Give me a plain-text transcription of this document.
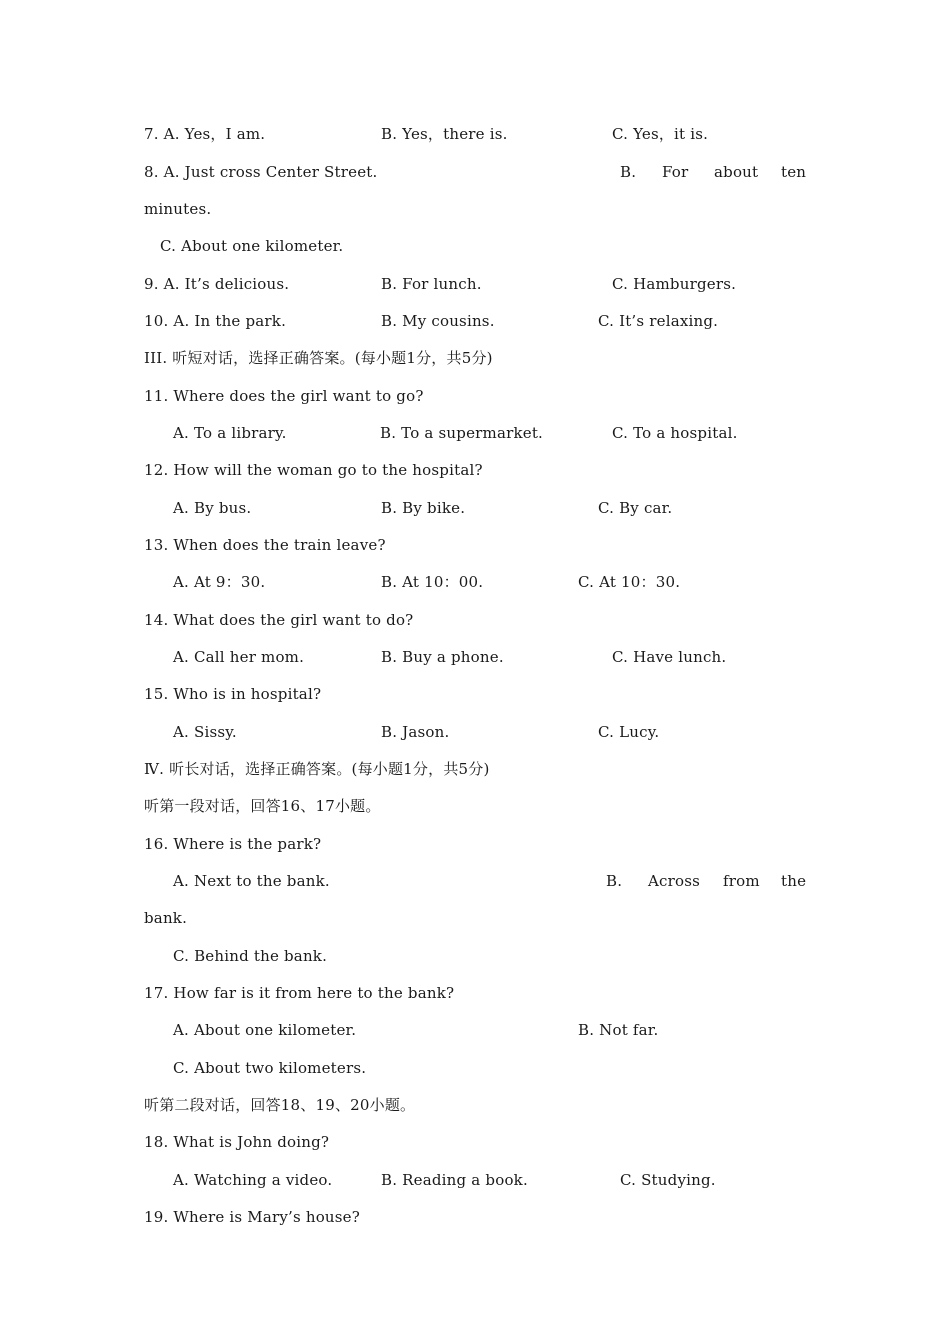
7. A. Yes，I am.	B. Yes，there is.	C. Yes，it is.
8. A. Just cross Center Street.	B. For about ten
minutes.
C. About one kilometer.
9. A. It’s delicious.	B. For lunch.	C. Hamburgers.
10. A. In the park.	B. My cousins.	C. It’s relaxing.
III. 听短对话，选择正确答案。(每小题1分，共5分)
11. Where does the girl want to go?
A. To a library.	B. To a supermarket.	C. To a hospital.
12. How will the woman go to the hospital?
A. By bus.	B. By bike.	C. By car.
13. When does the train leave?
A. At 9：30.	B. At 10：00.	C. At 10：30.
14. What does the girl want to do?
A. Call her mom.	B. Buy a phone.	C. Have lunch.
15. Who is in hospital?
A. Sissy.	B. Jason.	C. Lucy.
Ⅳ. 听长对话，选择正确答案。(每小题1分，共5分)
听第一段对话，回答16、17小题。
16. Where is the park?
A. Next to the bank.	B. Across from the
bank.
C. Behind the bank.
17. How far is it from here to the bank?
A. About one kilometer.	B. Not far.
C. About two kilometers.
听第二段对话，回答18、19、20小题。
18. What is John doing?
A. Watching a video.	B. Reading a book.	C. Studying.
19. Where is Mary’s house?
